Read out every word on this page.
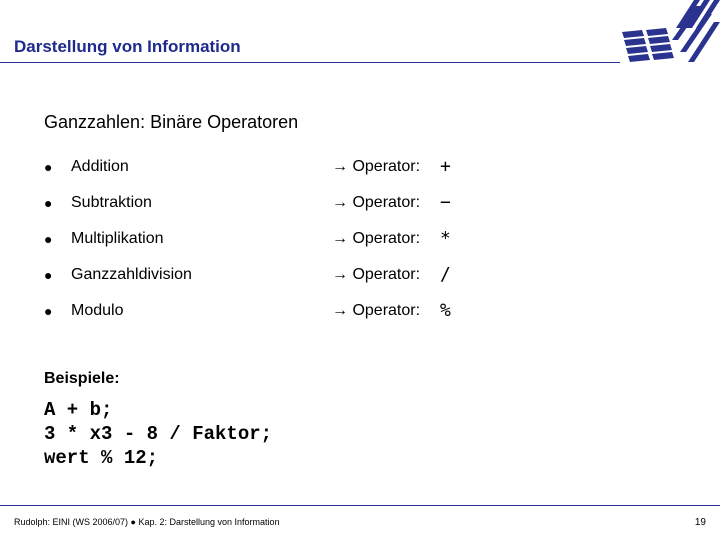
Darstellung von Information
Ganzzahlen: Binäre Operatoren
● Addition	→ Operator: +
● Subtraktion	→ Operator: −
● Multiplikation	→ Operator: *
● Ganzzahldivision	→ Operator: /
● Modulo	→ Operator: %
Beispiele:
A + b;
3 * x3 - 8 / Faktor;
wert % 12;
Rudolph: EINI (WS 2006/07) ● Kap. 2: Darstellung von Information	19
